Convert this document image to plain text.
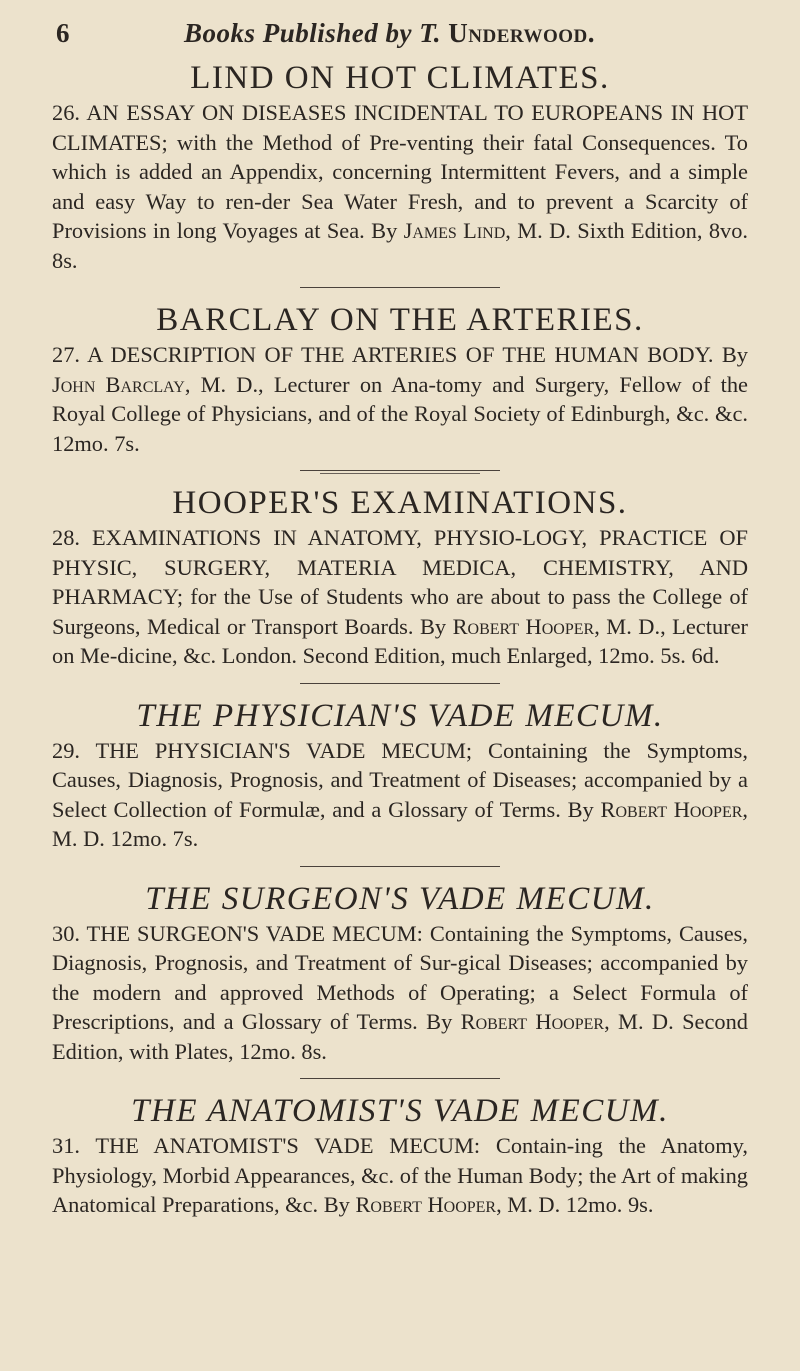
6	Books Published by T. Underwood.
LIND ON HOT CLIMATES.

26. AN ESSAY ON DISEASES INCIDENTAL TO EUROPEANS IN HOT CLIMATES; with the Method of Pre-venting their fatal Consequences. To which is added an Appendix, concerning Intermittent Fevers, and a simple and easy Way to ren-der Sea Water Fresh, and to prevent a Scarcity of Provisions in long Voyages at Sea. By James Lind, M. D. Sixth Edition, 8vo. 8s.

BARCLAY ON THE ARTERIES.

27. A DESCRIPTION OF THE ARTERIES OF THE HUMAN BODY. By John Barclay, M. D., Lecturer on Ana-tomy and Surgery, Fellow of the Royal College of Physicians, and of the Royal Society of Edinburgh, &c. &c. 12mo. 7s.

HOOPER'S EXAMINATIONS.

28. EXAMINATIONS IN ANATOMY, PHYSIO-LOGY, PRACTICE OF PHYSIC, SURGERY, MATERIA MEDICA, CHEMISTRY, AND PHARMACY; for the Use of Students who are about to pass the College of Surgeons, Medical or Transport Boards. By Robert Hooper, M. D., Lecturer on Me-dicine, &c. London. Second Edition, much Enlarged, 12mo. 5s. 6d.

THE PHYSICIAN'S VADE MECUM.

29. THE PHYSICIAN'S VADE MECUM; Containing the Symptoms, Causes, Diagnosis, Prognosis, and Treatment of Diseases; accompanied by a Select Collection of Formulæ, and a Glossary of Terms. By Robert Hooper, M. D. 12mo. 7s.

THE SURGEON'S VADE MECUM.

30. THE SURGEON'S VADE MECUM: Containing the Symptoms, Causes, Diagnosis, Prognosis, and Treatment of Sur-gical Diseases; accompanied by the modern and approved Methods of Operating; a Select Formula of Prescriptions, and a Glossary of Terms. By Robert Hooper, M. D. Second Edition, with Plates, 12mo. 8s.

THE ANATOMIST'S VADE MECUM.

31. THE ANATOMIST'S VADE MECUM: Contain-ing the Anatomy, Physiology, Morbid Appearances, &c. of the Human Body; the Art of making Anatomical Preparations, &c. By Robert Hooper, M. D. 12mo. 9s.
